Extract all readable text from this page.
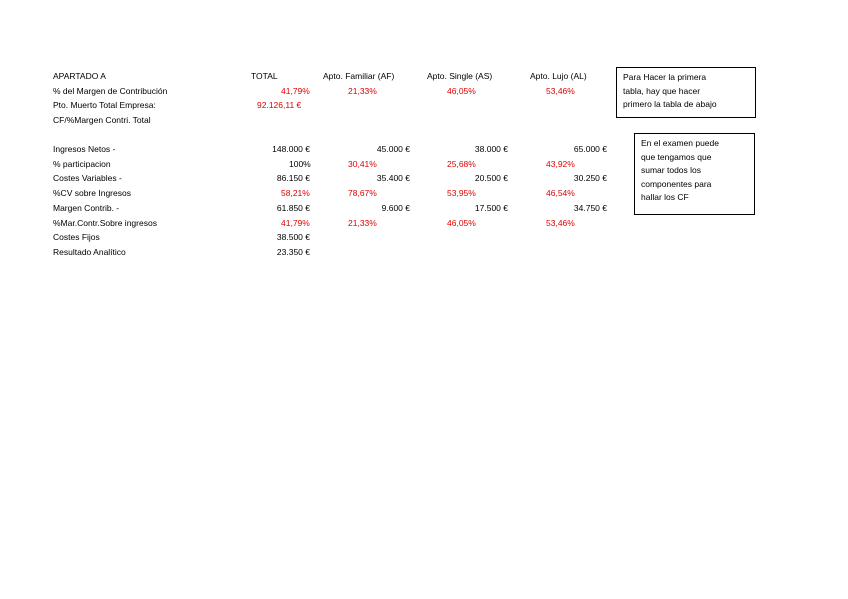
APARTADO A	TOTAL	Apto. Familiar (AF)	Apto. Single (AS)	Apto. Lujo (AL)
% del Margen de Contribución	41,79%	21,33%	46,05%	53,46%
Pto. Muerto Total Empresa:	92.126,11 €
CF/%Margen Contri. Total
Ingresos Netos -	148.000 €	45.000 €	38.000 €	65.000 €
% participacion	100%	30,41%	25,68%	43,92%
Costes Variables -	86.150 €	35.400 €	20.500 €	30.250 €
%CV sobre Ingresos	58,21%	78,67%	53,95%	46,54%
Margen Contrib. -	61.850 €	9.600 €	17.500 €	34.750 €
%Mar.Contr.Sobre ingresos	41,79%	21,33%	46,05%	53,46%
Costes Fijos	38.500 €
Resultado Analítico	23.350 €
Para Hacer la primera
tabla, hay que hacer
primero la tabla de abajo
En el examen puede
que tengamos que
sumar todos los
componentes para
hallar los CF
